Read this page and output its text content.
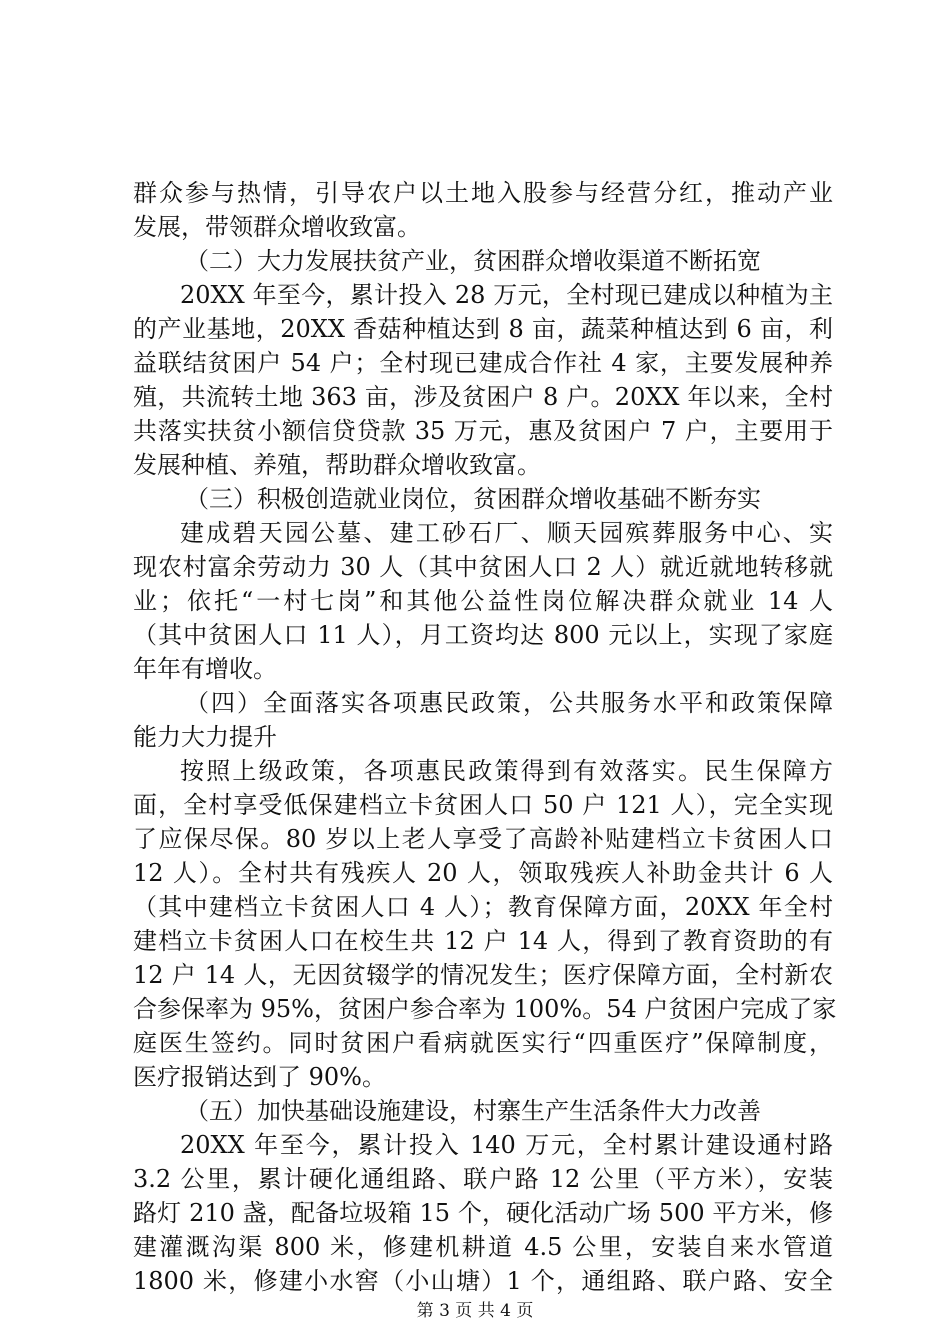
群众参与热情，引导农户以土地入股参与经营分红，推动产业
发展，带领群众增收致富。
（二）大力发展扶贫产业，贫困群众增收渠道不断拓宽
20XX 年至今，累计投入 28 万元，全村现已建成以种植为主
的产业基地，20XX 香菇种植达到 8 亩，蔬菜种植达到 6 亩，利
益联结贫困户 54 户；全村现已建成合作社 4 家，主要发展种养
殖，共流转土地 363 亩，涉及贫困户 8 户。20XX 年以来，全村
共落实扶贫小额信贷贷款 35 万元，惠及贫困户 7 户，主要用于
发展种植、养殖，帮助群众增收致富。
（三）积极创造就业岗位，贫困群众增收基础不断夯实
建成碧天园公墓、建工砂石厂、顺天园殡葬服务中心、实
现农村富余劳动力 30 人（其中贫困人口 2 人）就近就地转移就
业；依托“一村七岗”和其他公益性岗位解决群众就业 14 人
（其中贫困人口 11 人），月工资均达 800 元以上，实现了家庭
年年有增收。
（四）全面落实各项惠民政策，公共服务水平和政策保障
能力大力提升
按照上级政策，各项惠民政策得到有效落实。民生保障方
面，全村享受低保建档立卡贫困人口 50 户 121 人），完全实现
了应保尽保。80 岁以上老人享受了高龄补贴建档立卡贫困人口
12 人）。全村共有残疾人 20 人，领取残疾人补助金共计 6 人
（其中建档立卡贫困人口 4 人）；教育保障方面，20XX 年全村
建档立卡贫困人口在校生共 12 户 14 人，得到了教育资助的有
12 户 14 人，无因贫辍学的情况发生；医疗保障方面，全村新农
合参保率为 95%，贫困户参合率为 100%。54 户贫困户完成了家
庭医生签约。同时贫困户看病就医实行“四重医疗”保障制度，
医疗报销达到了 90%。
（五）加快基础设施建设，村寨生产生活条件大力改善
20XX 年至今，累计投入 140 万元，全村累计建设通村路
3.2 公里，累计硬化通组路、联户路 12 公里（平方米），安装
路灯 210 盏，配备垃圾箱 15 个，硬化活动广场 500 平方米，修
建灌溉沟渠 800 米，修建机耕道 4.5 公里，安装自来水管道
1800 米，修建小水窖（小山塘）1 个，通组路、联户路、安全
第 3 页 共 4 页
